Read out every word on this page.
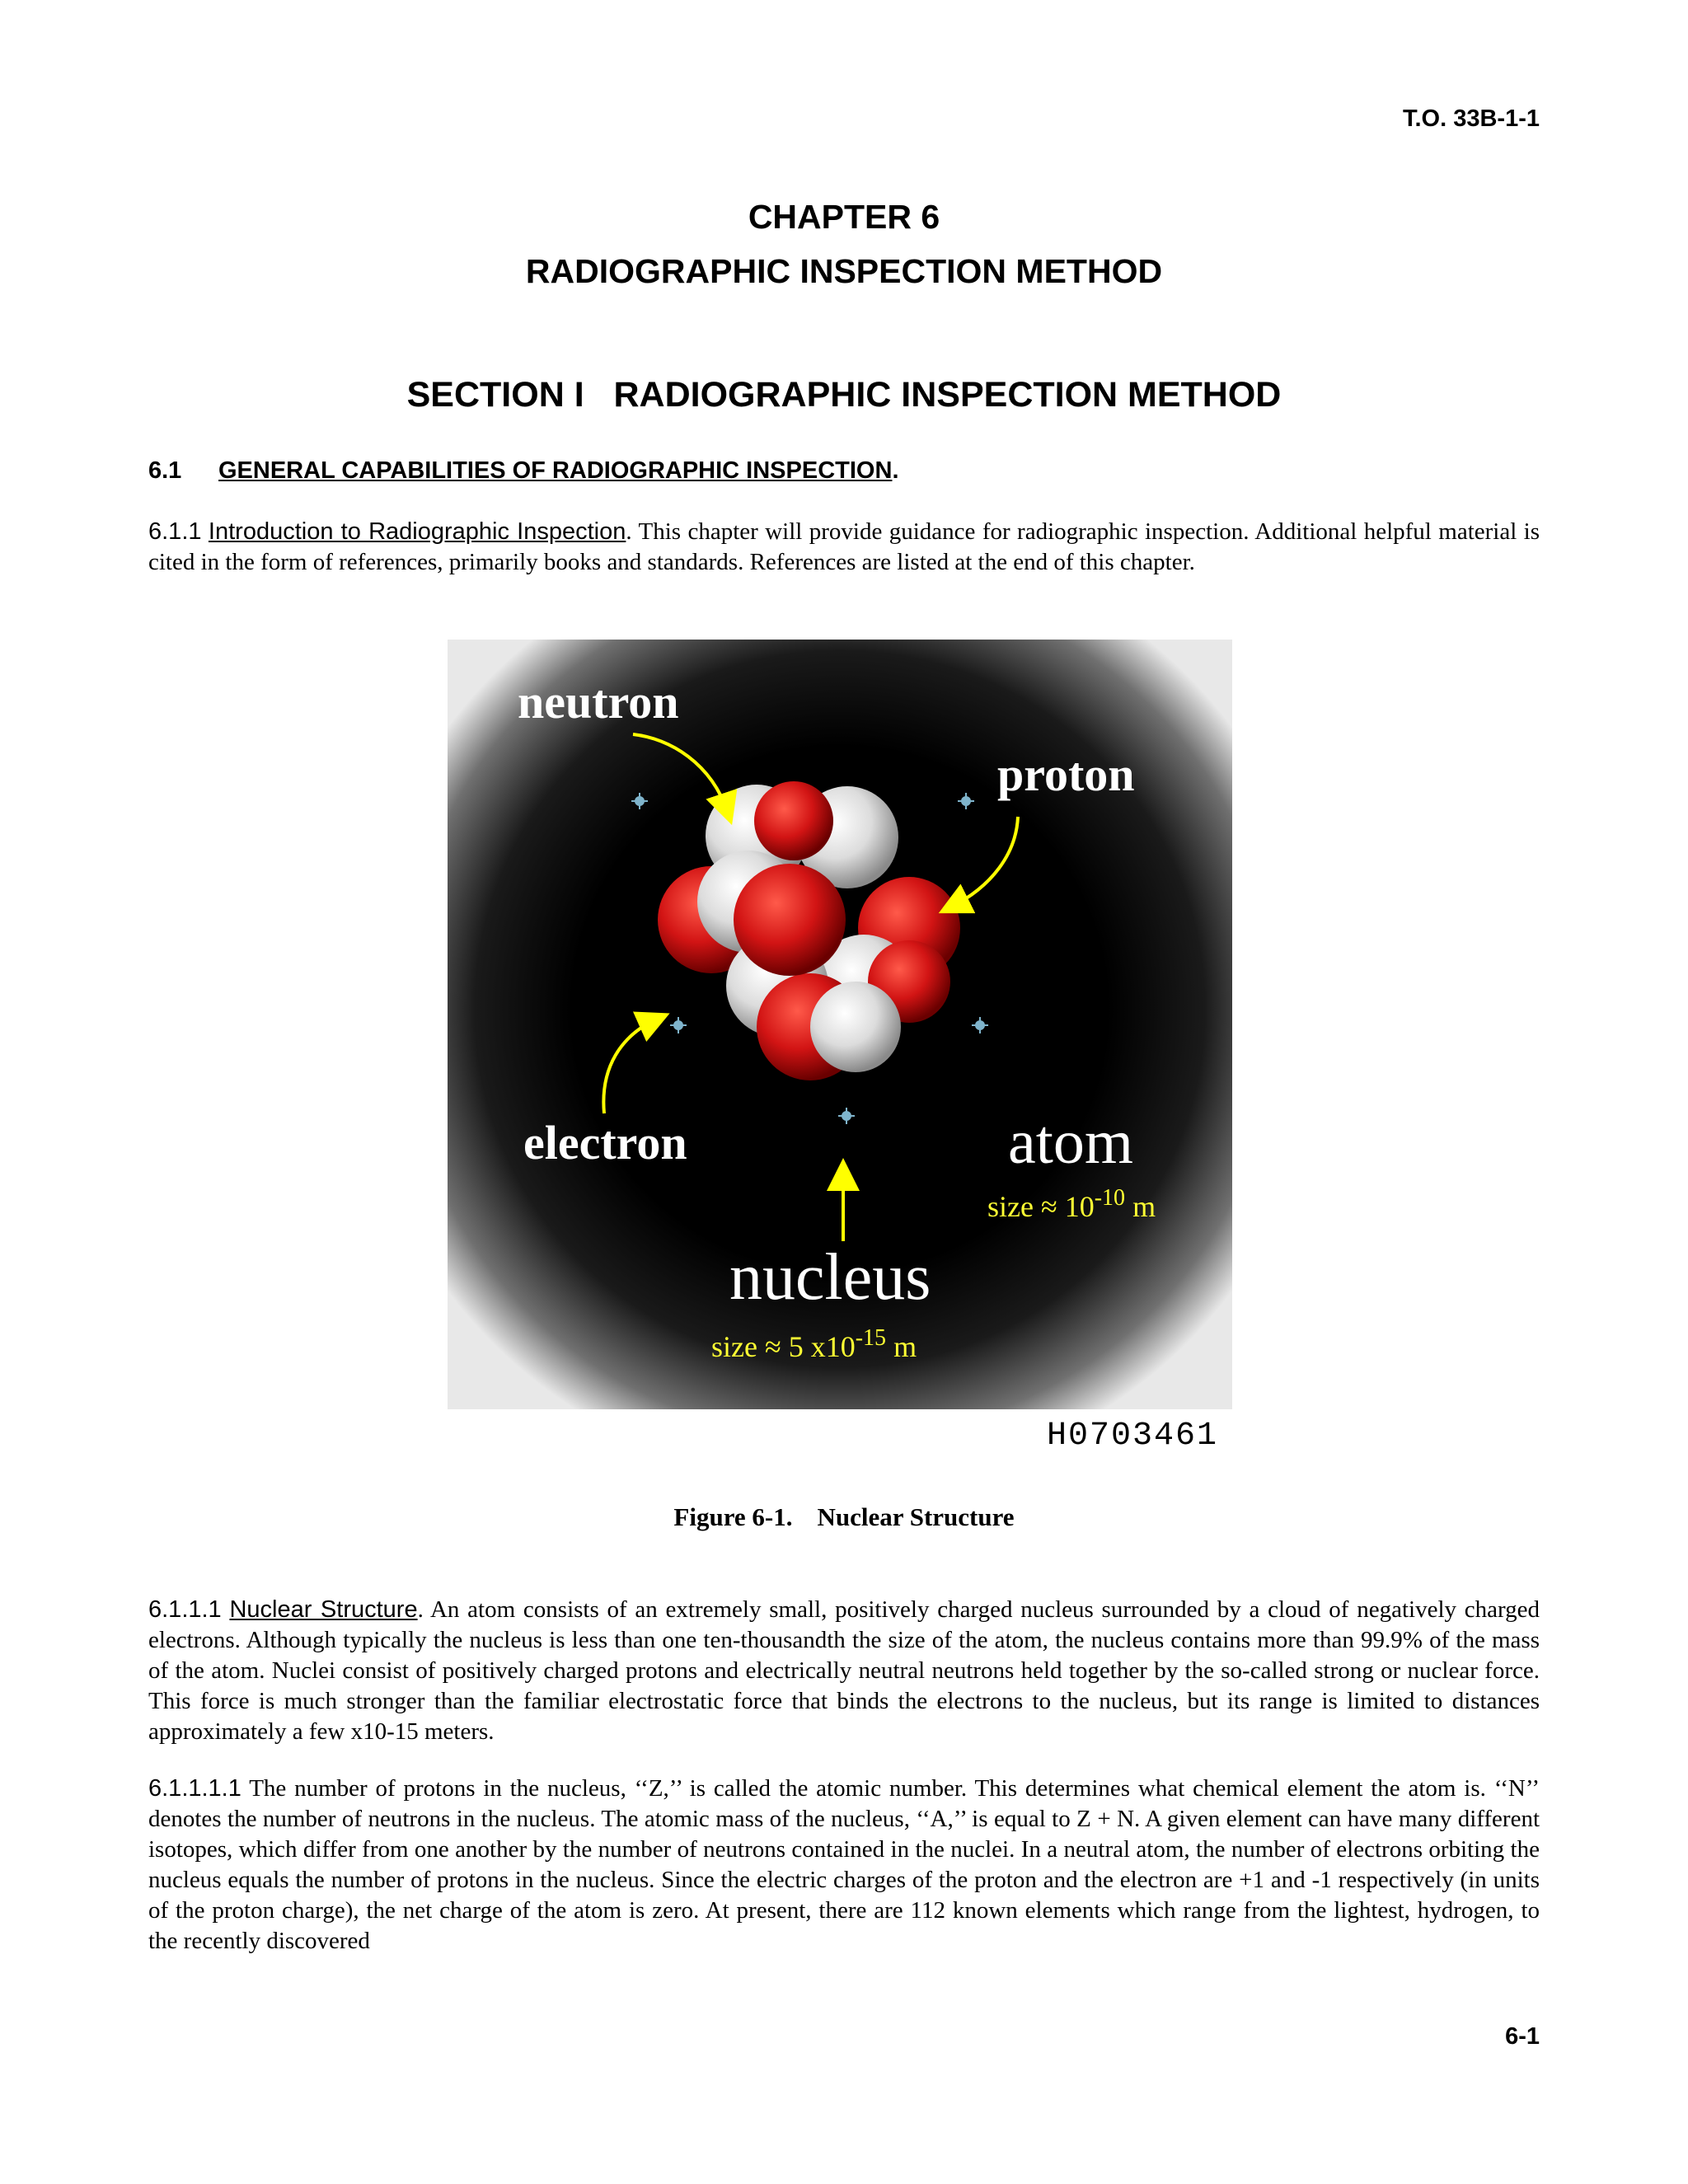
T.O. 33B-1-1
CHAPTER 6
RADIOGRAPHIC INSPECTION METHOD
SECTION I   RADIOGRAPHIC INSPECTION METHOD
6.1 GENERAL CAPABILITIES OF RADIOGRAPHIC INSPECTION.
6.1.1 Introduction to Radiographic Inspection. This chapter will provide guidance for radiographic inspection. Additional helpful material is cited in the form of references, primarily books and standards. References are listed at the end of this chapter.
neutron
proton
electron	atom
size ≈ $10^{-10}$ m
nucleus
size ≈ 5 $x10^{-15}$ m
H0703461
Figure 6-1. Nuclear Structure
6.1.1.1 Nuclear Structure. An atom consists of an extremely small, positively charged nucleus surrounded by a cloud of negatively charged electrons. Although typically the nucleus is less than one ten-thousandth the size of the atom, the nucleus contains more than 99.9% of the mass of the atom. Nuclei consist of positively charged protons and electrically neutral neutrons held together by the so-called strong or nuclear force. This force is much stronger than the familiar electrostatic force that binds the electrons to the nucleus, but its range is limited to distances approximately a few x10-15 meters.
6.1.1.1.1 The number of protons in the nucleus, ‘‘Z,’’ is called the atomic number. This determines what chemical element the atom is. ‘‘N’’ denotes the number of neutrons in the nucleus. The atomic mass of the nucleus, ‘‘A,’’ is equal to Z + N. A given element can have many different isotopes, which differ from one another by the number of neutrons contained in the nuclei. In a neutral atom, the number of electrons orbiting the nucleus equals the number of protons in the nucleus. Since the electric charges of the proton and the electron are +1 and -1 respectively (in units of the proton charge), the net charge of the atom is zero. At present, there are 112 known elements which range from the lightest, hydrogen, to the recently discovered
6-1
